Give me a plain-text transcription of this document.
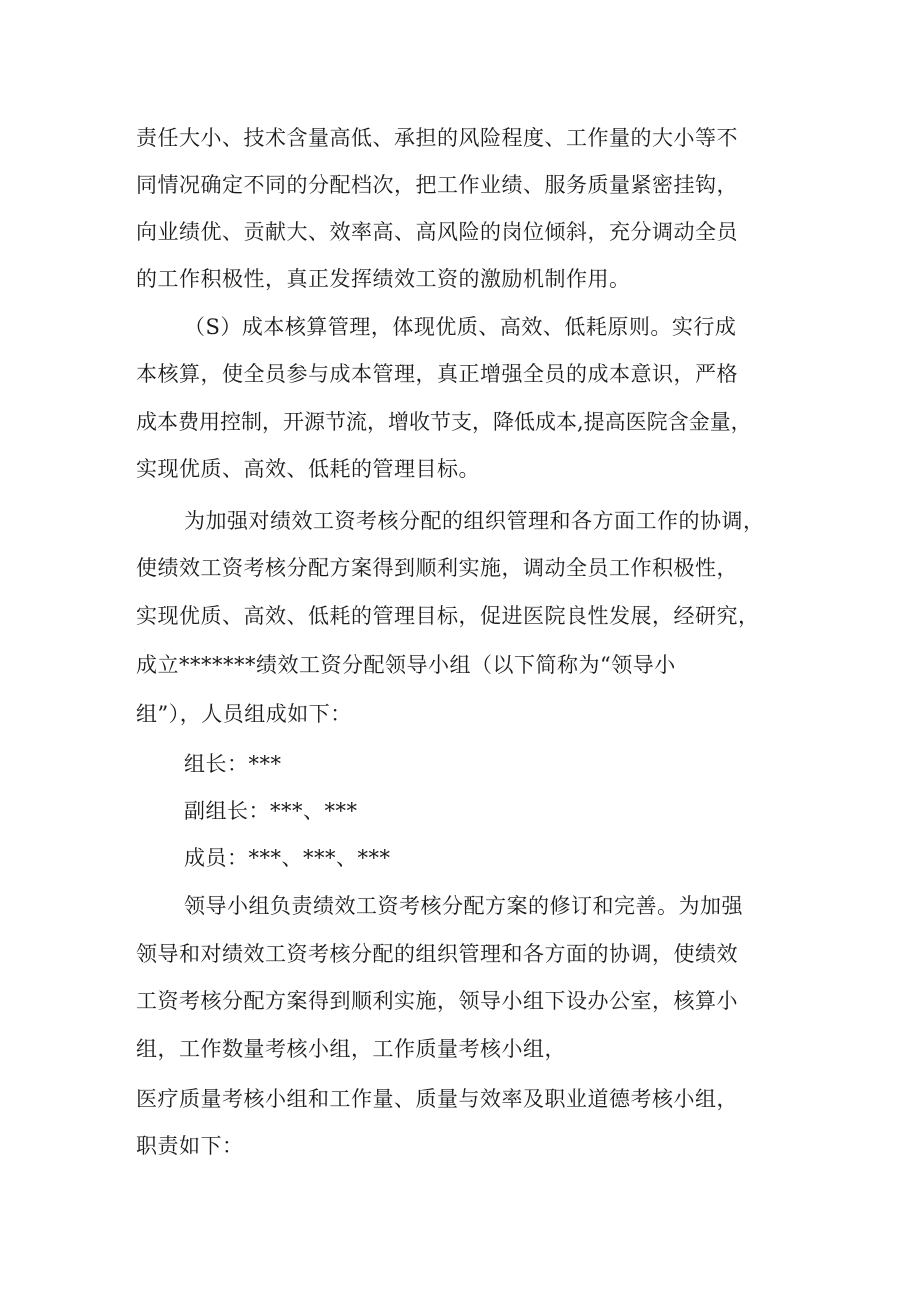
责任大小、技术含量高低、承担的风险程度、工作量的大小等不
同情况确定不同的分配档次，把工作业绩、服务质量紧密挂钩，
向业绩优、贡献大、效率高、高风险的岗位倾斜，充分调动全员
的工作积极性，真正发挥绩效工资的激励机制作用。
（S）成本核算管理，体现优质、高效、低耗原则。实行成
本核算，使全员参与成本管理，真正增强全员的成本意识，严格
成本费用控制，开源节流，增收节支，降低成本,提高医院含金量，
实现优质、高效、低耗的管理目标。
为加强对绩效工资考核分配的组织管理和各方面工作的协调，
使绩效工资考核分配方案得到顺利实施，调动全员工作积极性，
实现优质、高效、低耗的管理目标，促进医院良性发展，经研究，
成立*******绩效工资分配领导小组（以下简称为“领导小
组”），人员组成如下：
组长：***
副组长：***、***
成员：***、***、***
领导小组负责绩效工资考核分配方案的修订和完善。为加强
领导和对绩效工资考核分配的组织管理和各方面的协调，使绩效
工资考核分配方案得到顺利实施，领导小组下设办公室，核算小
组，工作数量考核小组，工作质量考核小组，
医疗质量考核小组和工作量、质量与效率及职业道德考核小组，
职责如下：
